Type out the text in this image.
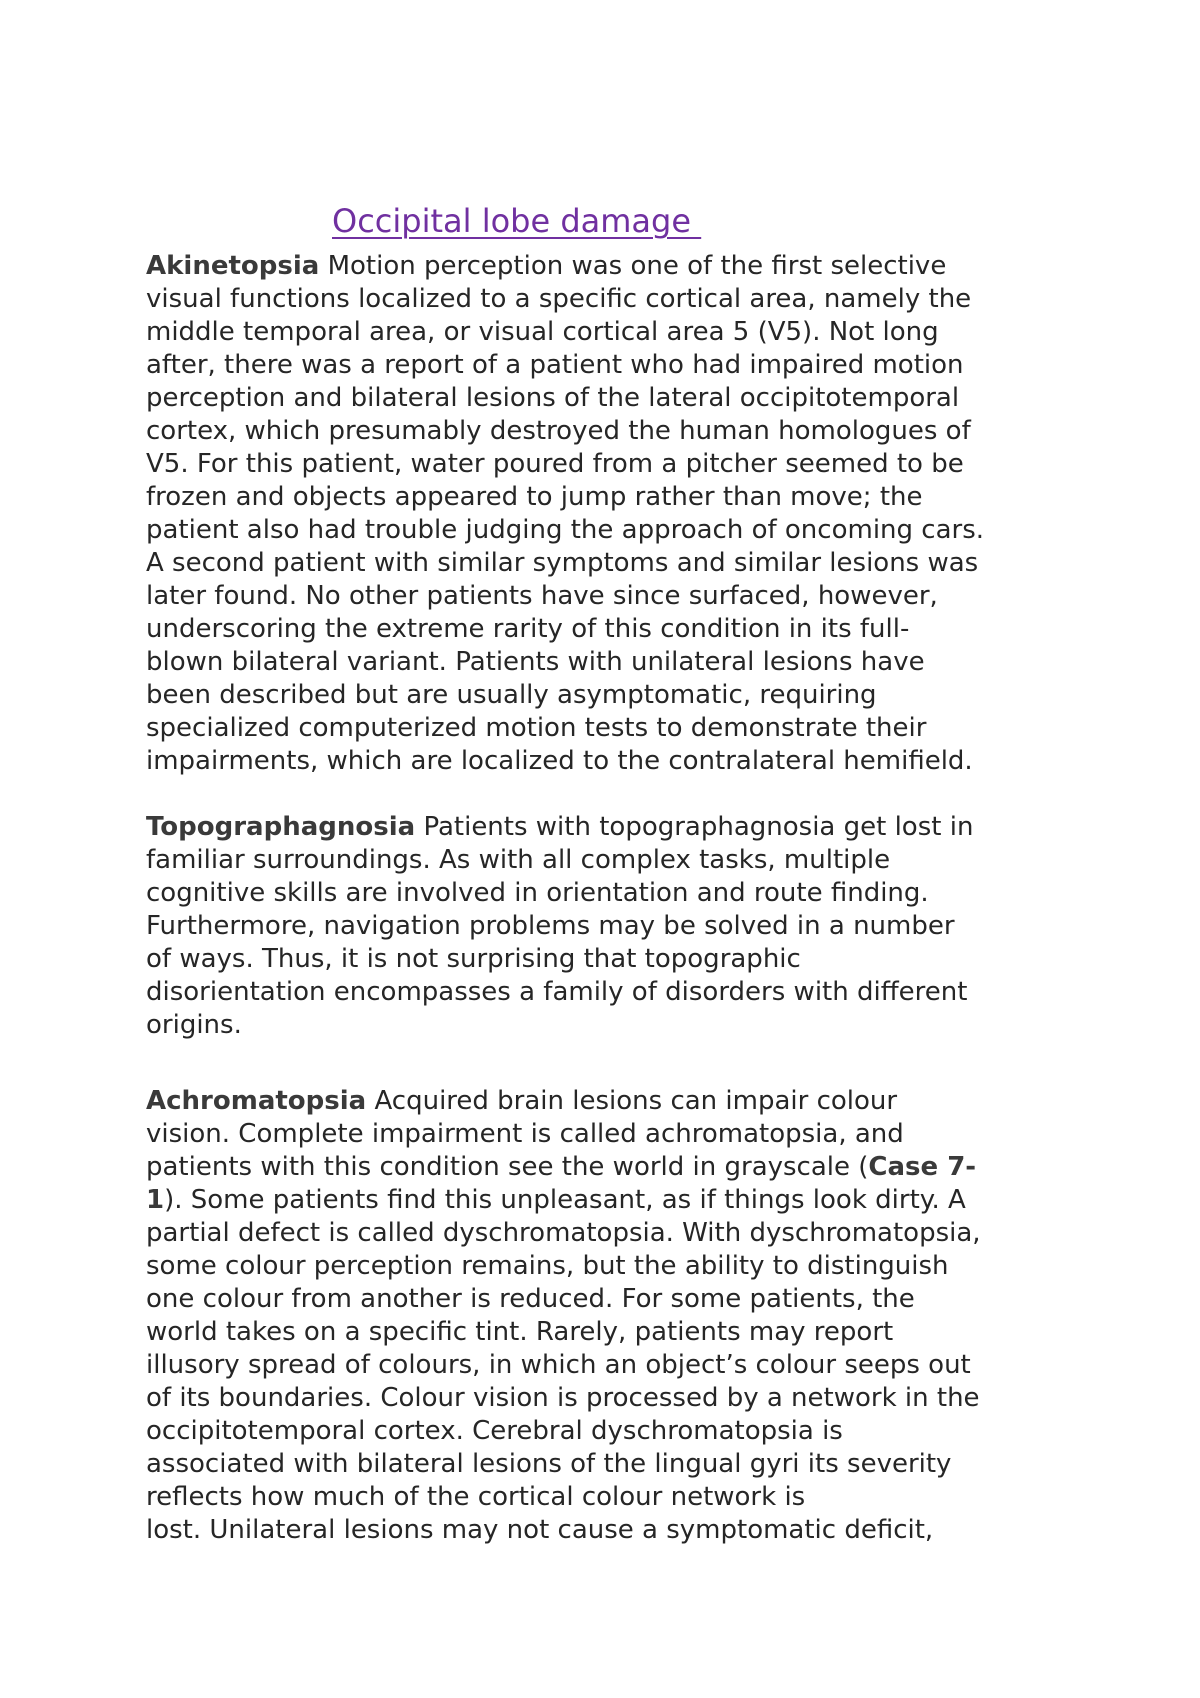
Occipital lobe damage
Akinetopsia Motion perception was one of the first selective
visual functions localized to a specific cortical area, namely the
middle temporal area, or visual cortical area 5 (V5). Not long
after, there was a report of a patient who had impaired motion
perception and bilateral lesions of the lateral occipitotemporal
cortex, which presumably destroyed the human homologues of
V5. For this patient, water poured from a pitcher seemed to be
frozen and objects appeared to jump rather than move; the
patient also had trouble judging the approach of oncoming cars.
A second patient with similar symptoms and similar lesions was
later found. No other patients have since surfaced, however,
underscoring the extreme rarity of this condition in its full-
blown bilateral variant. Patients with unilateral lesions have
been described but are usually asymptomatic, requiring
specialized computerized motion tests to demonstrate their
impairments, which are localized to the contralateral hemifield.
Topographagnosia Patients with topographagnosia get lost in
familiar surroundings. As with all complex tasks, multiple
cognitive skills are involved in orientation and route finding.
Furthermore, navigation problems may be solved in a number
of ways. Thus, it is not surprising that topographic
disorientation encompasses a family of disorders with different
origins.
Achromatopsia Acquired brain lesions can impair colour
vision. Complete impairment is called achromatopsia, and
patients with this condition see the world in grayscale (Case 7-
1). Some patients find this unpleasant, as if things look dirty. A
partial defect is called dyschromatopsia. With dyschromatopsia,
some colour perception remains, but the ability to distinguish
one colour from another is reduced. For some patients, the
world takes on a specific tint. Rarely, patients may report
illusory spread of colours, in which an object’s colour seeps out
of its boundaries. Colour vision is processed by a network in the
occipitotemporal cortex. Cerebral dyschromatopsia is
associated with bilateral lesions of the lingual gyri its severity
reflects how much of the cortical colour network is
lost. Unilateral lesions may not cause a symptomatic deficit,
